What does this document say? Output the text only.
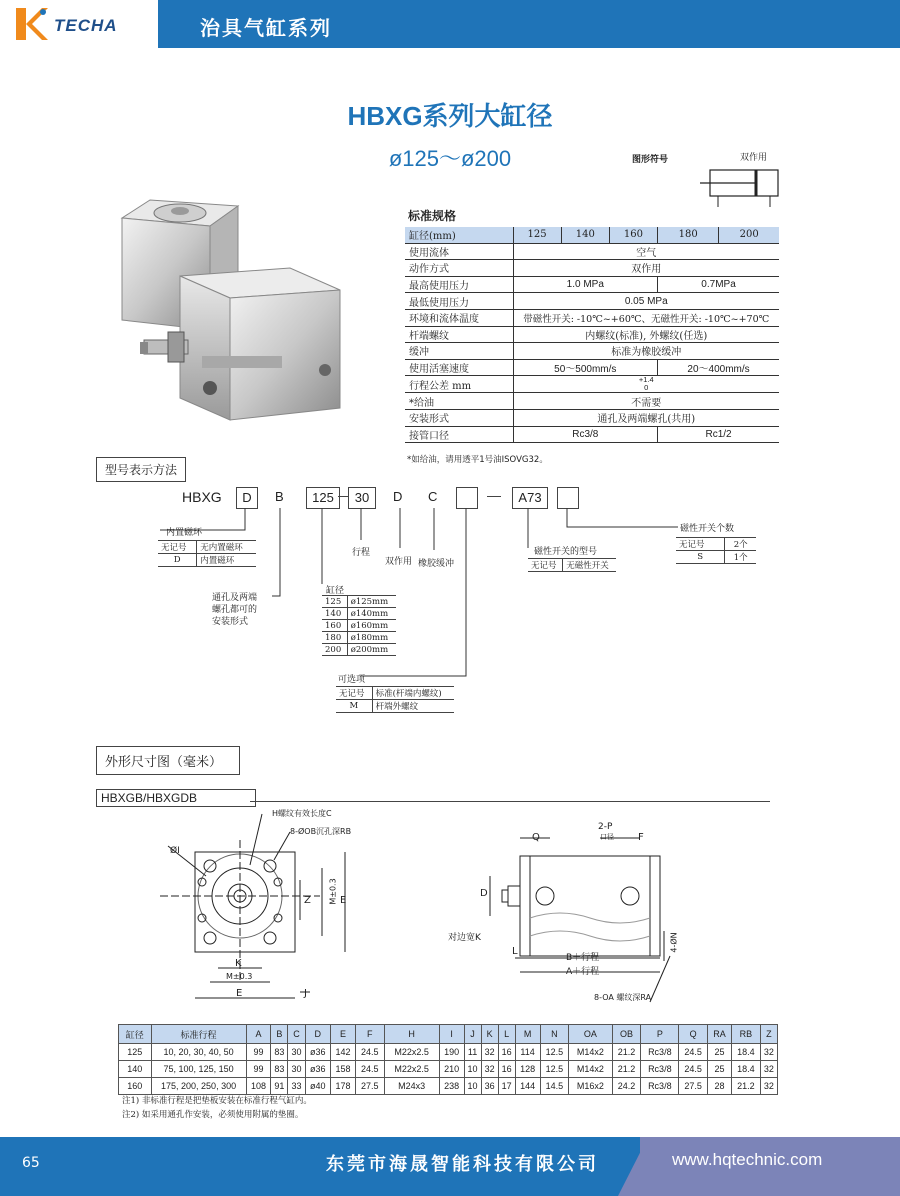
TECHA	治具气缸系列
HBXG系列大缸径
ø125～ø200	图形符号	双作用
标准规格
缸径(mm)	125	140	160	180	200
使用流体	空气				
动作方式	双作用				
最高使用压力	1.0 MPa			0.7MPa	
最低使用压力	0.05 MPa				
环境和流体温度	带磁性开关: -10℃~+60℃、无磁性开关: -10℃~+70℃				
杆端螺纹	内螺纹(标准), 外螺纹(任选)				
缓冲	标准为橡胶缓冲				
使用活塞速度	50～500mm/s			20～400mm/s	
行程公差 mm	+1.4
0				

*给油	不需要				
安装形式	通孔及两端螺孔(共用)				
接管口径	Rc3/8			Rc1/2	
*如给油，请用透平1号油ISOVG32。
型号表示方法
HBXG	D	B	125	30	D C	A73
内置磁环
无记号	无内置磁环
D	内置磁环
通孔及两端
螺孔都可的
安装形式
缸径
125	ø125mm
140	ø140mm
160	ø160mm
180	ø180mm
200	ø200mm
行程
双作用 橡胶缓冲
磁性开关的型号
无记号	无磁性开关
磁性开关个数
无记号	2个
S	1个
可选项
无记号	标准(杆端内螺纹)
M	杆端外螺纹
外形尺寸图（毫米）
HBXGB/HBXGDB
H螺纹有效长度C
8-ØOB沉孔深RB
ØI
M±0.3
Z	E
K
M±0.3
E	J
Q
2-P
口径 F
D
对边宽K
L
B＋行程
A＋行程
4-ØN
8-OA 螺纹深RA
缸径	标准行程	A	B	C	D	E	F	H	I	J	K	L	M	N	OA	OB	P	Q	RA	RB	Z
125	10, 20, 30, 40, 50	99	83	30	ø36	142	24.5	M22x2.5	190	11	32	16	114	12.5	M14x2	21.2	Rc3/8	24.5	25	18.4	32
140	75, 100, 125, 150	99	83	30	ø36	158	24.5	M22x2.5	210	10	32	16	128	12.5	M14x2	21.2	Rc3/8	24.5	25	18.4	32
160	175, 200, 250, 300	108	91	33	ø40	178	27.5	M24x3	238	10	36	17	144	14.5	M16x2	24.2	Rc3/8	27.5	28	21.2	32
注1) 非标准行程是把垫板安装在标准行程气缸内。
注2) 如采用通孔作安装，必须使用附属的垫圈。
65	东莞市海晟智能科技有限公司	www.hqtechnic.com
